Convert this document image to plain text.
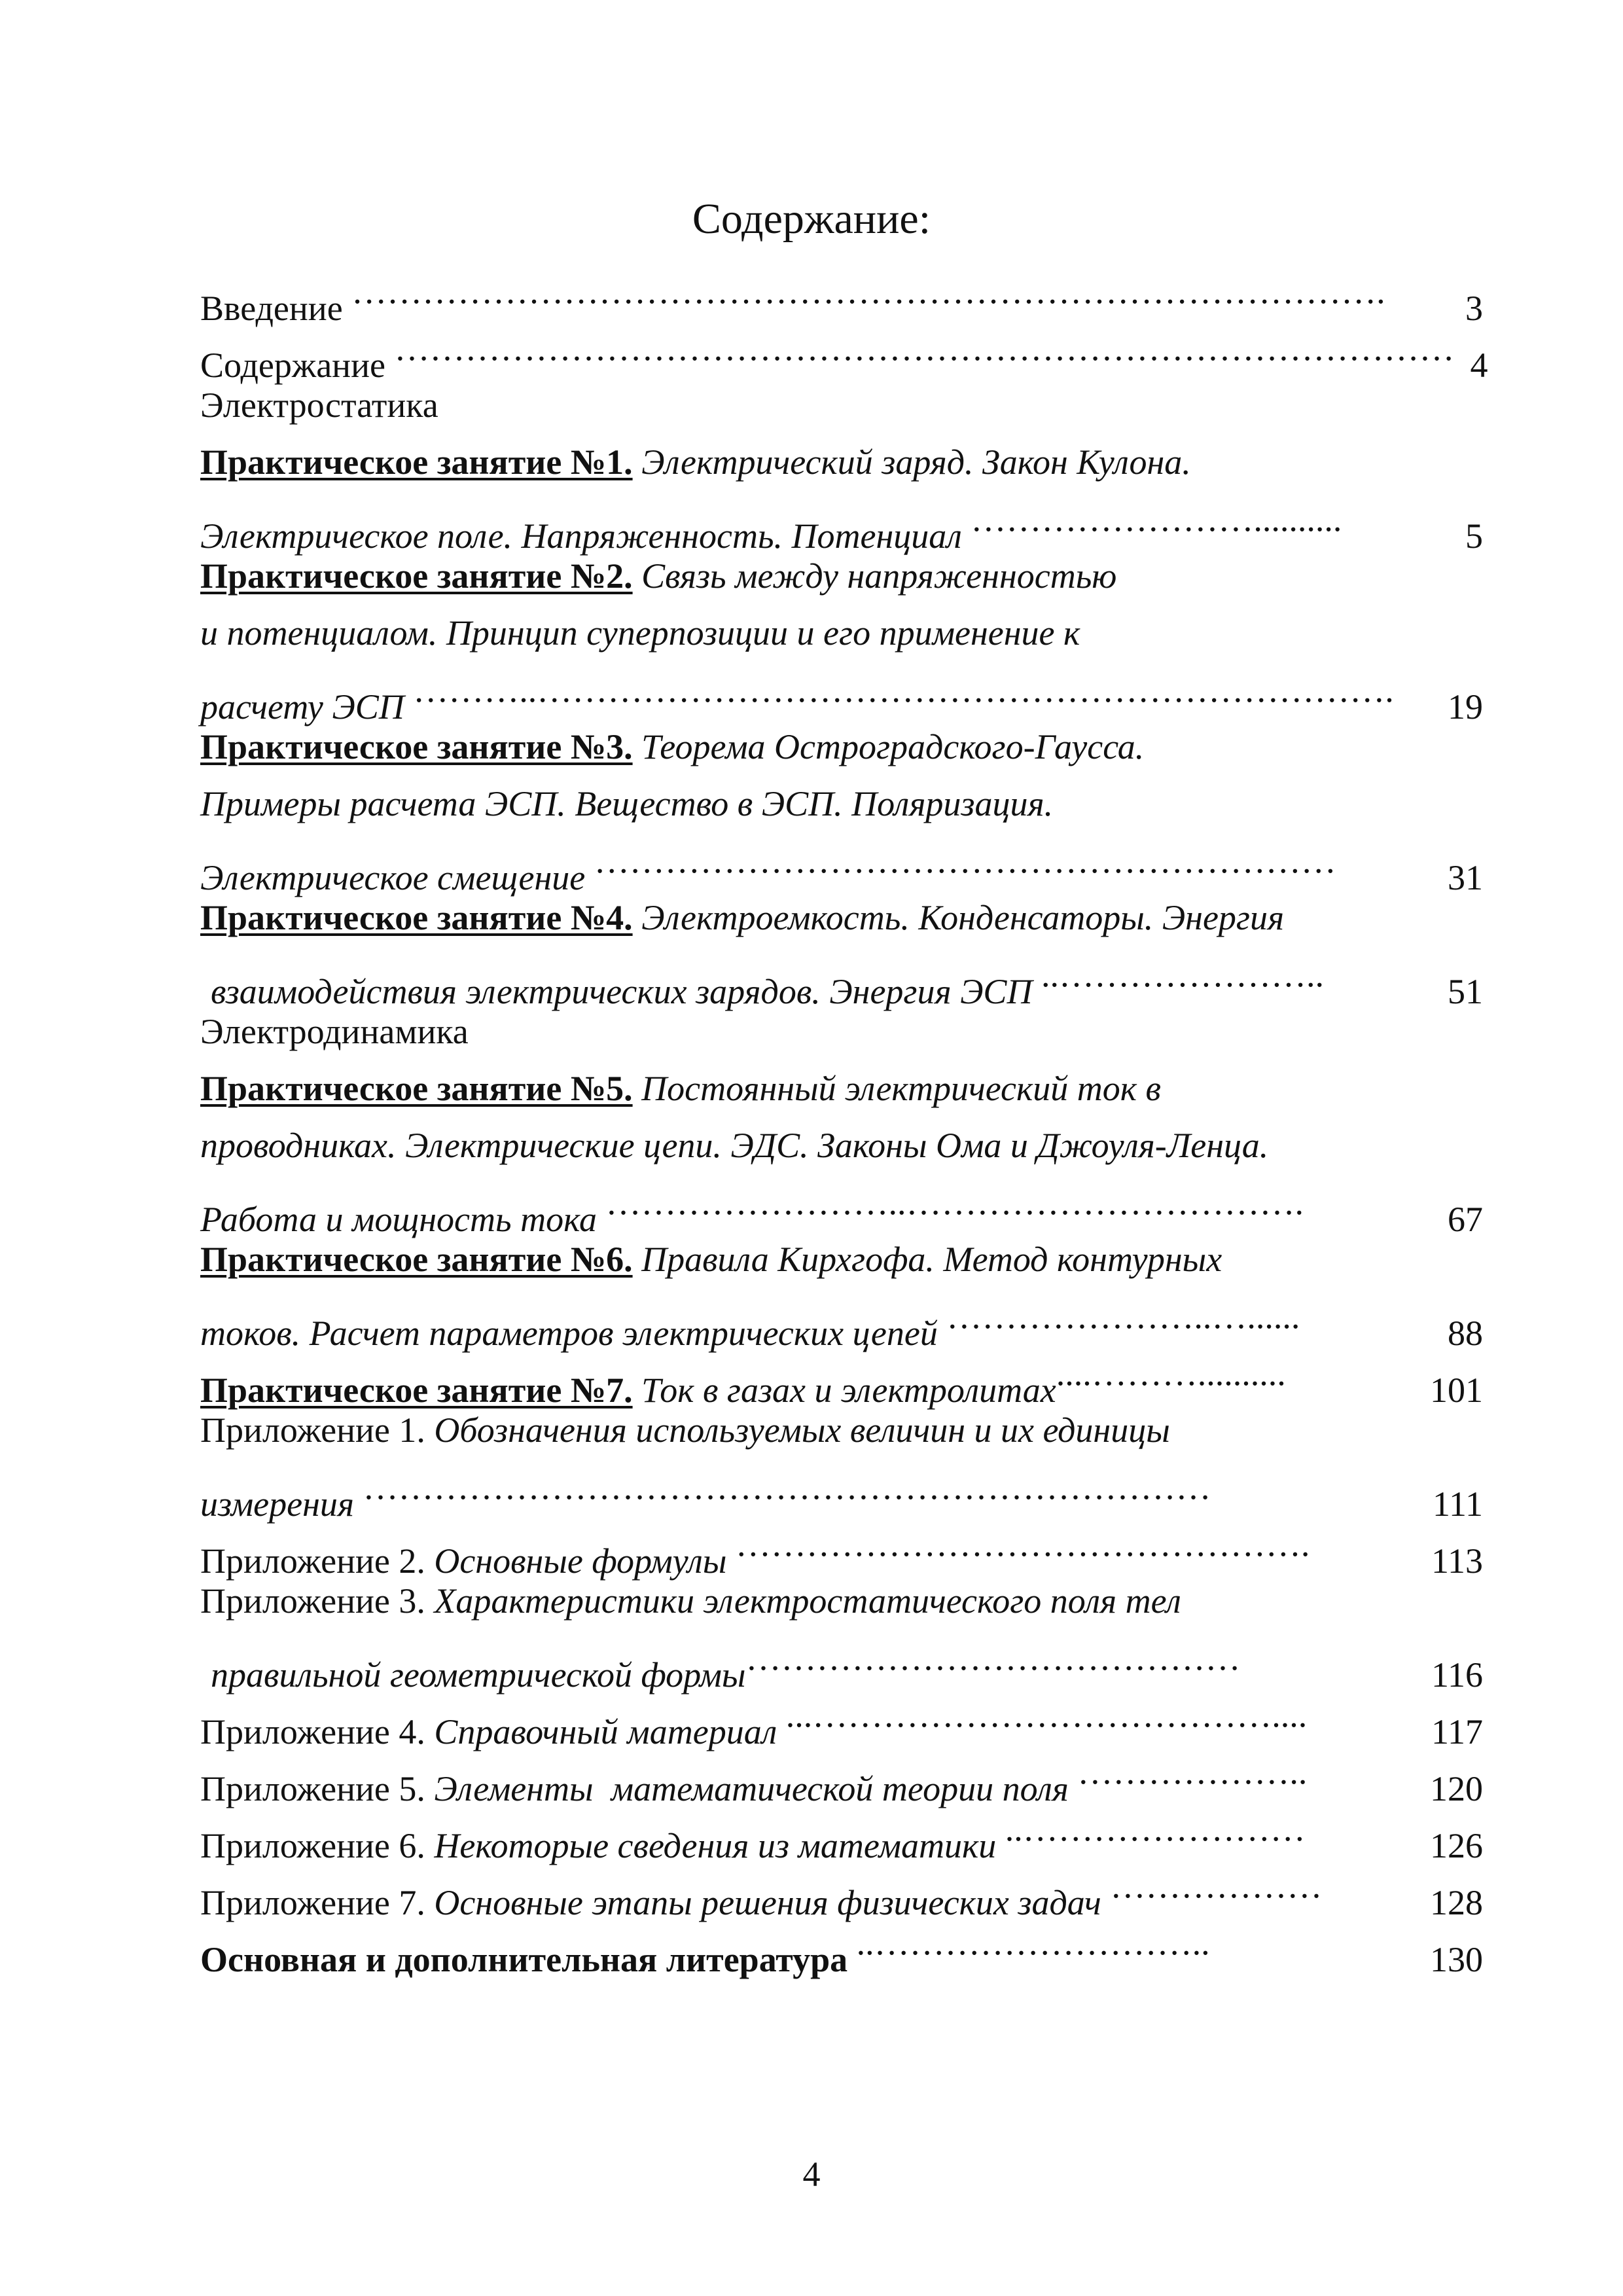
Содержание:
Введение …………………………………………………………………………….	3
Содержание ……………………………………………………………………………… 4
Электростатика
Практическое занятие №1. Электрический заряд. Закон Кулона.
Электрическое поле. Напряженность. Потенциал ……………………..........	5
Практическое занятие №2. Связь между напряженностью
и потенциалом. Принцип суперпозиции и его применение к
расчету ЭСП ………..……………………………………………………………….	19
Практическое занятие №3. Теорема Остроградского-Гаусса.
Примеры расчета ЭСП. Вещество в ЭСП. Поляризация.
Электрическое смещение ………………………………………………………	31
Практическое занятие №4. Электроемкость. Конденсаторы. Энергия
взаимодействия электрических зарядов. Энергия ЭСП ..…………………..	51
Электродинамика
Практическое занятие №5. Постоянный электрический ток в
проводниках. Электрические цепи. ЭДС. Законы Ома и Джоуля-Ленца.
Работа и мощность тока ……………………..…………………………….	67
Практическое занятие №6. Правила Кирхгофа. Метод контурных
токов. Расчет параметров электрических цепей …………………..…......	88
Практическое занятие №7. Ток в газах и электролитах....………..........	101
Приложение 1. Обозначения используемых величин и их единицы
измерения ………………………………………………………………	111
Приложение 2. Основные формулы ………………………………………….	113
Приложение 3. Характеристики электростатического поля тел
правильной геометрической формы……………………………………	116
Приложение 4. Справочный материал ...…………………………………....	117
Приложение 5. Элементы  математической теории поля ………………..	120
Приложение 6. Некоторые сведения из математики ..……………………	126
Приложение 7. Основные этапы решения физических задач ………………	128
Основная и дополнительная литература ..………………………..	130
4
